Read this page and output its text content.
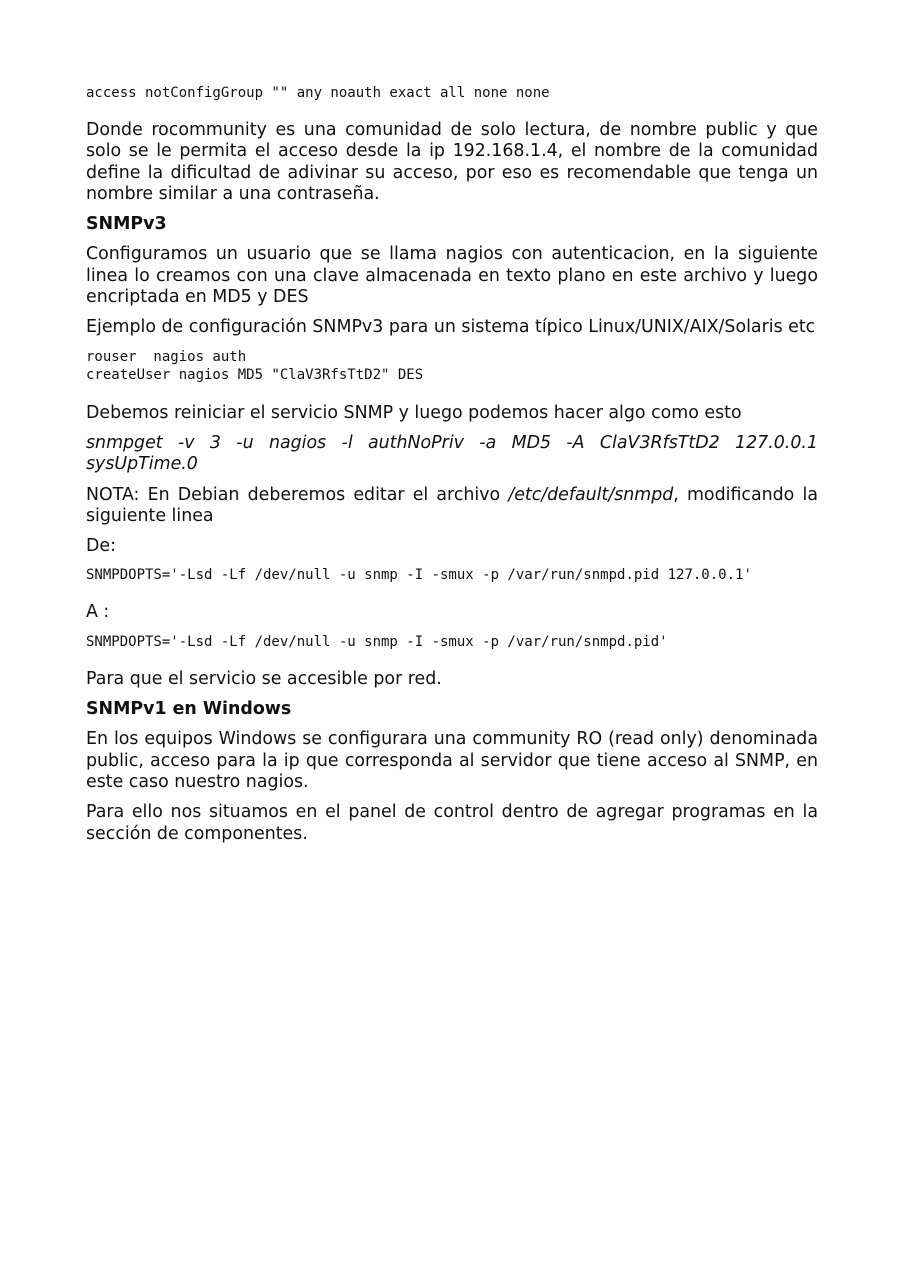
access notConfigGroup "" any noauth exact all none none

Donde rocommunity es una comunidad de solo lectura, de nombre public y que solo se le permita el acceso desde la ip 192.168.1.4, el nombre de la comunidad define la dificultad de adivinar su acceso, por eso es recomendable que tenga un nombre similar a una contraseña.

SNMPv3

Configuramos un usuario que se llama nagios con autenticacion, en la siguiente linea lo creamos con una clave almacenada en texto plano en este archivo y luego encriptada en MD5 y DES

Ejemplo de configuración SNMPv3 para un sistema típico Linux/UNIX/AIX/Solaris etc

rouser  nagios auth

createUser nagios MD5 "ClaV3RfsTtD2" DES

Debemos reiniciar el servicio SNMP y luego podemos hacer algo como esto

snmpget -v 3 -u nagios -l authNoPriv -a MD5 -A ClaV3RfsTtD2 127.0.0.1 sysUpTime.0

NOTA: En Debian deberemos editar el archivo /etc/default/snmpd, modificando la siguiente linea

De:

SNMPDOPTS='-Lsd -Lf /dev/null -u snmp -I -smux -p /var/run/snmpd.pid 127.0.0.1'

A :

SNMPDOPTS='-Lsd -Lf /dev/null -u snmp -I -smux -p /var/run/snmpd.pid'

Para que el servicio se accesible por red.

SNMPv1 en Windows

En los equipos Windows se configurara una community RO (read only) denominada public, acceso para la ip que corresponda al servidor que tiene acceso al SNMP, en este caso nuestro nagios.

Para ello nos situamos en el panel de control dentro de agregar programas en la sección de componentes.
